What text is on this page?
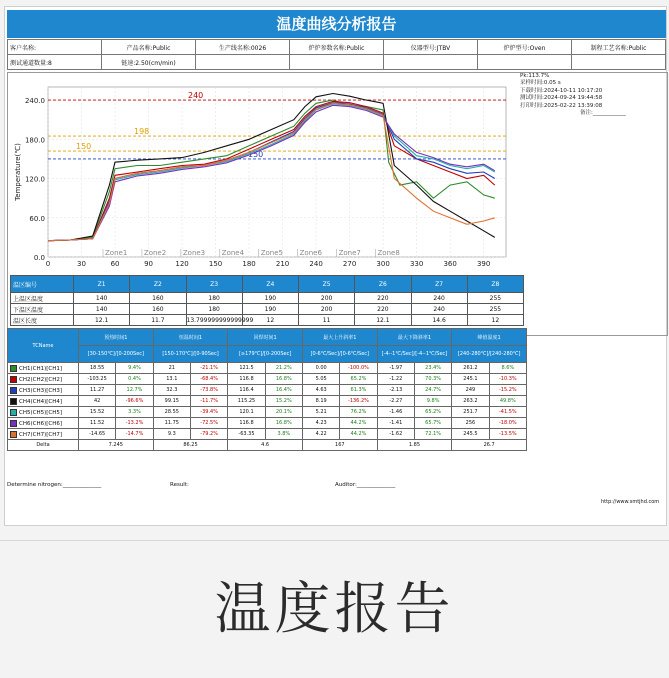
温度曲线分析报告
客户名称:	产品名称:Public	生产线名称:0026	炉炉参数名称:Public	仪器型号:JTBV	炉炉型号:Oven	制程工艺名称:Public
测试通道数量:8	链速:2.50(cm/min)					
0.0
60.0
120.0
180.0
240.0
0	30	60	90	120	150	180	210	240	270	300	330	360	390
Temperature(℃)
240
198
150
150
Zone1 Zone2 Zone3 Zone4 Zone5 Zone6 Zone7 Zone8
Pk:113.7%
采样时间:0.05 s
下载时间:2024-10-11 10:17:20
测试时间:2024-09-24 19:44:58
打印时间:2025-02-22 13:39:08
备注:____________
温区编号	Z1	Z2	Z3	Z4	Z5	Z6	Z7	Z8
上温区温度	140	160	180	190	200	220	240	255
下温区温度	140	160	180	190	200	220	240	255
温区长度	12.1	11.7	13.799999999999999	12	11	12.1	14.6	12
TCName	预热时间1		恒温时间1		回焊时间1		最大上升斜率1		最大下降斜率1		峰值温度1	
	[30-150℃]/[0-200Sec]		[150-170℃]/[0-90Sec]		[≥179℃]/[0-200Sec]		[0-6℃/Sec]/[0-6℃/Sec]		[-4--1℃/Sec]/[-4--1℃/Sec]		[240-280℃]/[240-280℃]	
CH1(CH1)[CH1]	18.55	9.4%	21	-21.1%	121.5	21.2%	0.00	-100.0%	-1.97	23.4%	261.2	8.6%
CH2(CH2)[CH2]	-103.25	0.4%	13.1	-68.4%	116.8	16.8%	5.05	65.2%	-1.22	70.3%	245.1	-10.3%
CH3(CH3)[CH3]	11.27	12.7%	32.3	-73.8%	116.4	16.4%	4.63	61.3%	-2.13	24.7%	249	-15.2%
CH4(CH4)[CH4]	42	-96.6%	99.15	-11.7%	115.25	15.2%	8.19	-136.2%	-2.27	9.8%	263.2	49.8%
CH5(CH5)[CH5]	15.52	3.3%	28.55	-39.4%	120.1	20.1%	5.21	76.2%	-1.46	65.2%	251.7	-41.5%
CH6(CH6)[CH6]	11.52	-13.2%	11.75	-72.5%	116.8	16.8%	4.23	44.2%	-1.41	65.7%	256	-18.0%
CH7(CH7)[CH7]	-14.65	-14.7%	9.3	-79.2%	-63.35	3.8%	4.22	44.2%	-1.62	72.1%	245.5	-13.5%
Delta	7.245		86.25		4.6		167		1.85		26.7	
Determine nitrogen:______________	Result:	Auditor:______________
http://www.smtjhd.com
温度报告
